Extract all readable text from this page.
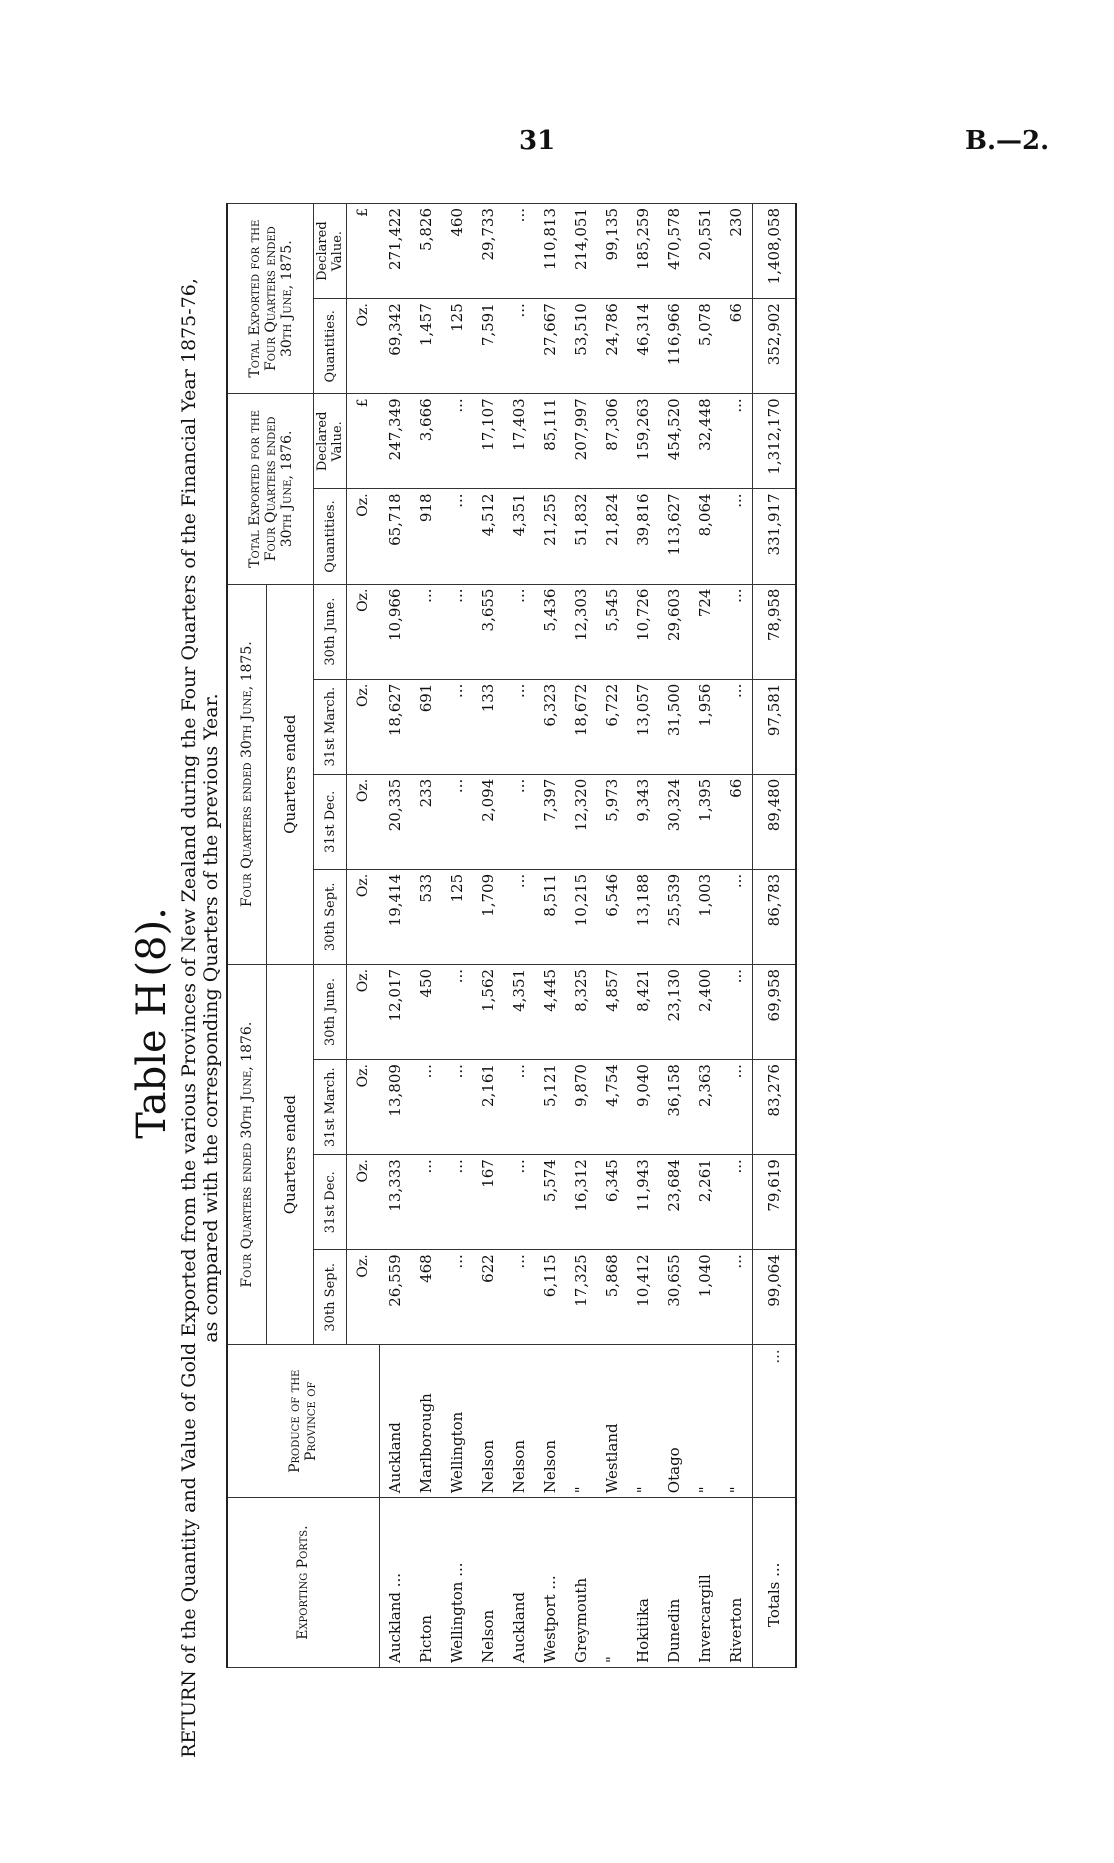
31	B.—2.
Table H (8). RETURN of the Quantity and Value of Gold Exported from the various Provinces of New Zealand during the Four Quarters of the Financial Year 1875-76, as compared with the corresponding Quarters of the previous Year.
Exporting Ports.	Produce of the Province of	Four Quarters ended 30th June, 1876.				Four Quarters ended 30th June, 1875.				Total Exported for the Four Quarters ended 30th June, 1876.		Total Exported for the Four Quarters ended 30th June, 1875.	
		Quarters ended				Quarters ended							
		30th Sept.	31st Dec.	31st March.	30th June.	30th Sept.	31st Dec.	31st March.	30th June.	Quantities.	Declared Value.	Quantities.	Declared Value.
		Oz.	Oz.	Oz.	Oz.	Oz.	Oz.	Oz.	Oz.	Oz.	£	Oz.	£
Auckland ...	Auckland	26,559	13,333	13,809	12,017	19,414	20,335	18,627	10,966	65,718	247,349	69,342	271,422
Picton	Marlborough	468	...	...	450	533	233	691	...	918	3,666	1,457	5,826
Wellington ...	Wellington	...	...	...	...	125	...	...	...	...	...	125	460
Nelson	Nelson	622	167	2,161	1,562	1,709	2,094	133	3,655	4,512	17,107	7,591	29,733
Auckland	Nelson	...	...	...	4,351	...	...	...	...	4,351	17,403	...	...
Westport ...	Nelson	6,115	5,574	5,121	4,445	8,511	7,397	6,323	5,436	21,255	85,111	27,667	110,813
Greymouth	"	17,325	16,312	9,870	8,325	10,215	12,320	18,672	12,303	51,832	207,997	53,510	214,051
"	Westland	5,868	6,345	4,754	4,857	6,546	5,973	6,722	5,545	21,824	87,306	24,786	99,135
Hokitika	"	10,412	11,943	9,040	8,421	13,188	9,343	13,057	10,726	39,816	159,263	46,314	185,259
Dunedin	Otago	30,655	23,684	36,158	23,130	25,539	30,324	31,500	29,603	113,627	454,520	116,966	470,578
Invercargill	"	1,040	2,261	2,363	2,400	1,003	1,395	1,956	724	8,064	32,448	5,078	20,551
Riverton	"	...	...	...	...	...	66	...	...	...	...	66	230
Totals ...	...	99,064	79,619	83,276	69,958	86,783	89,480	97,581	78,958	331,917	1,312,170	352,902	1,408,058
